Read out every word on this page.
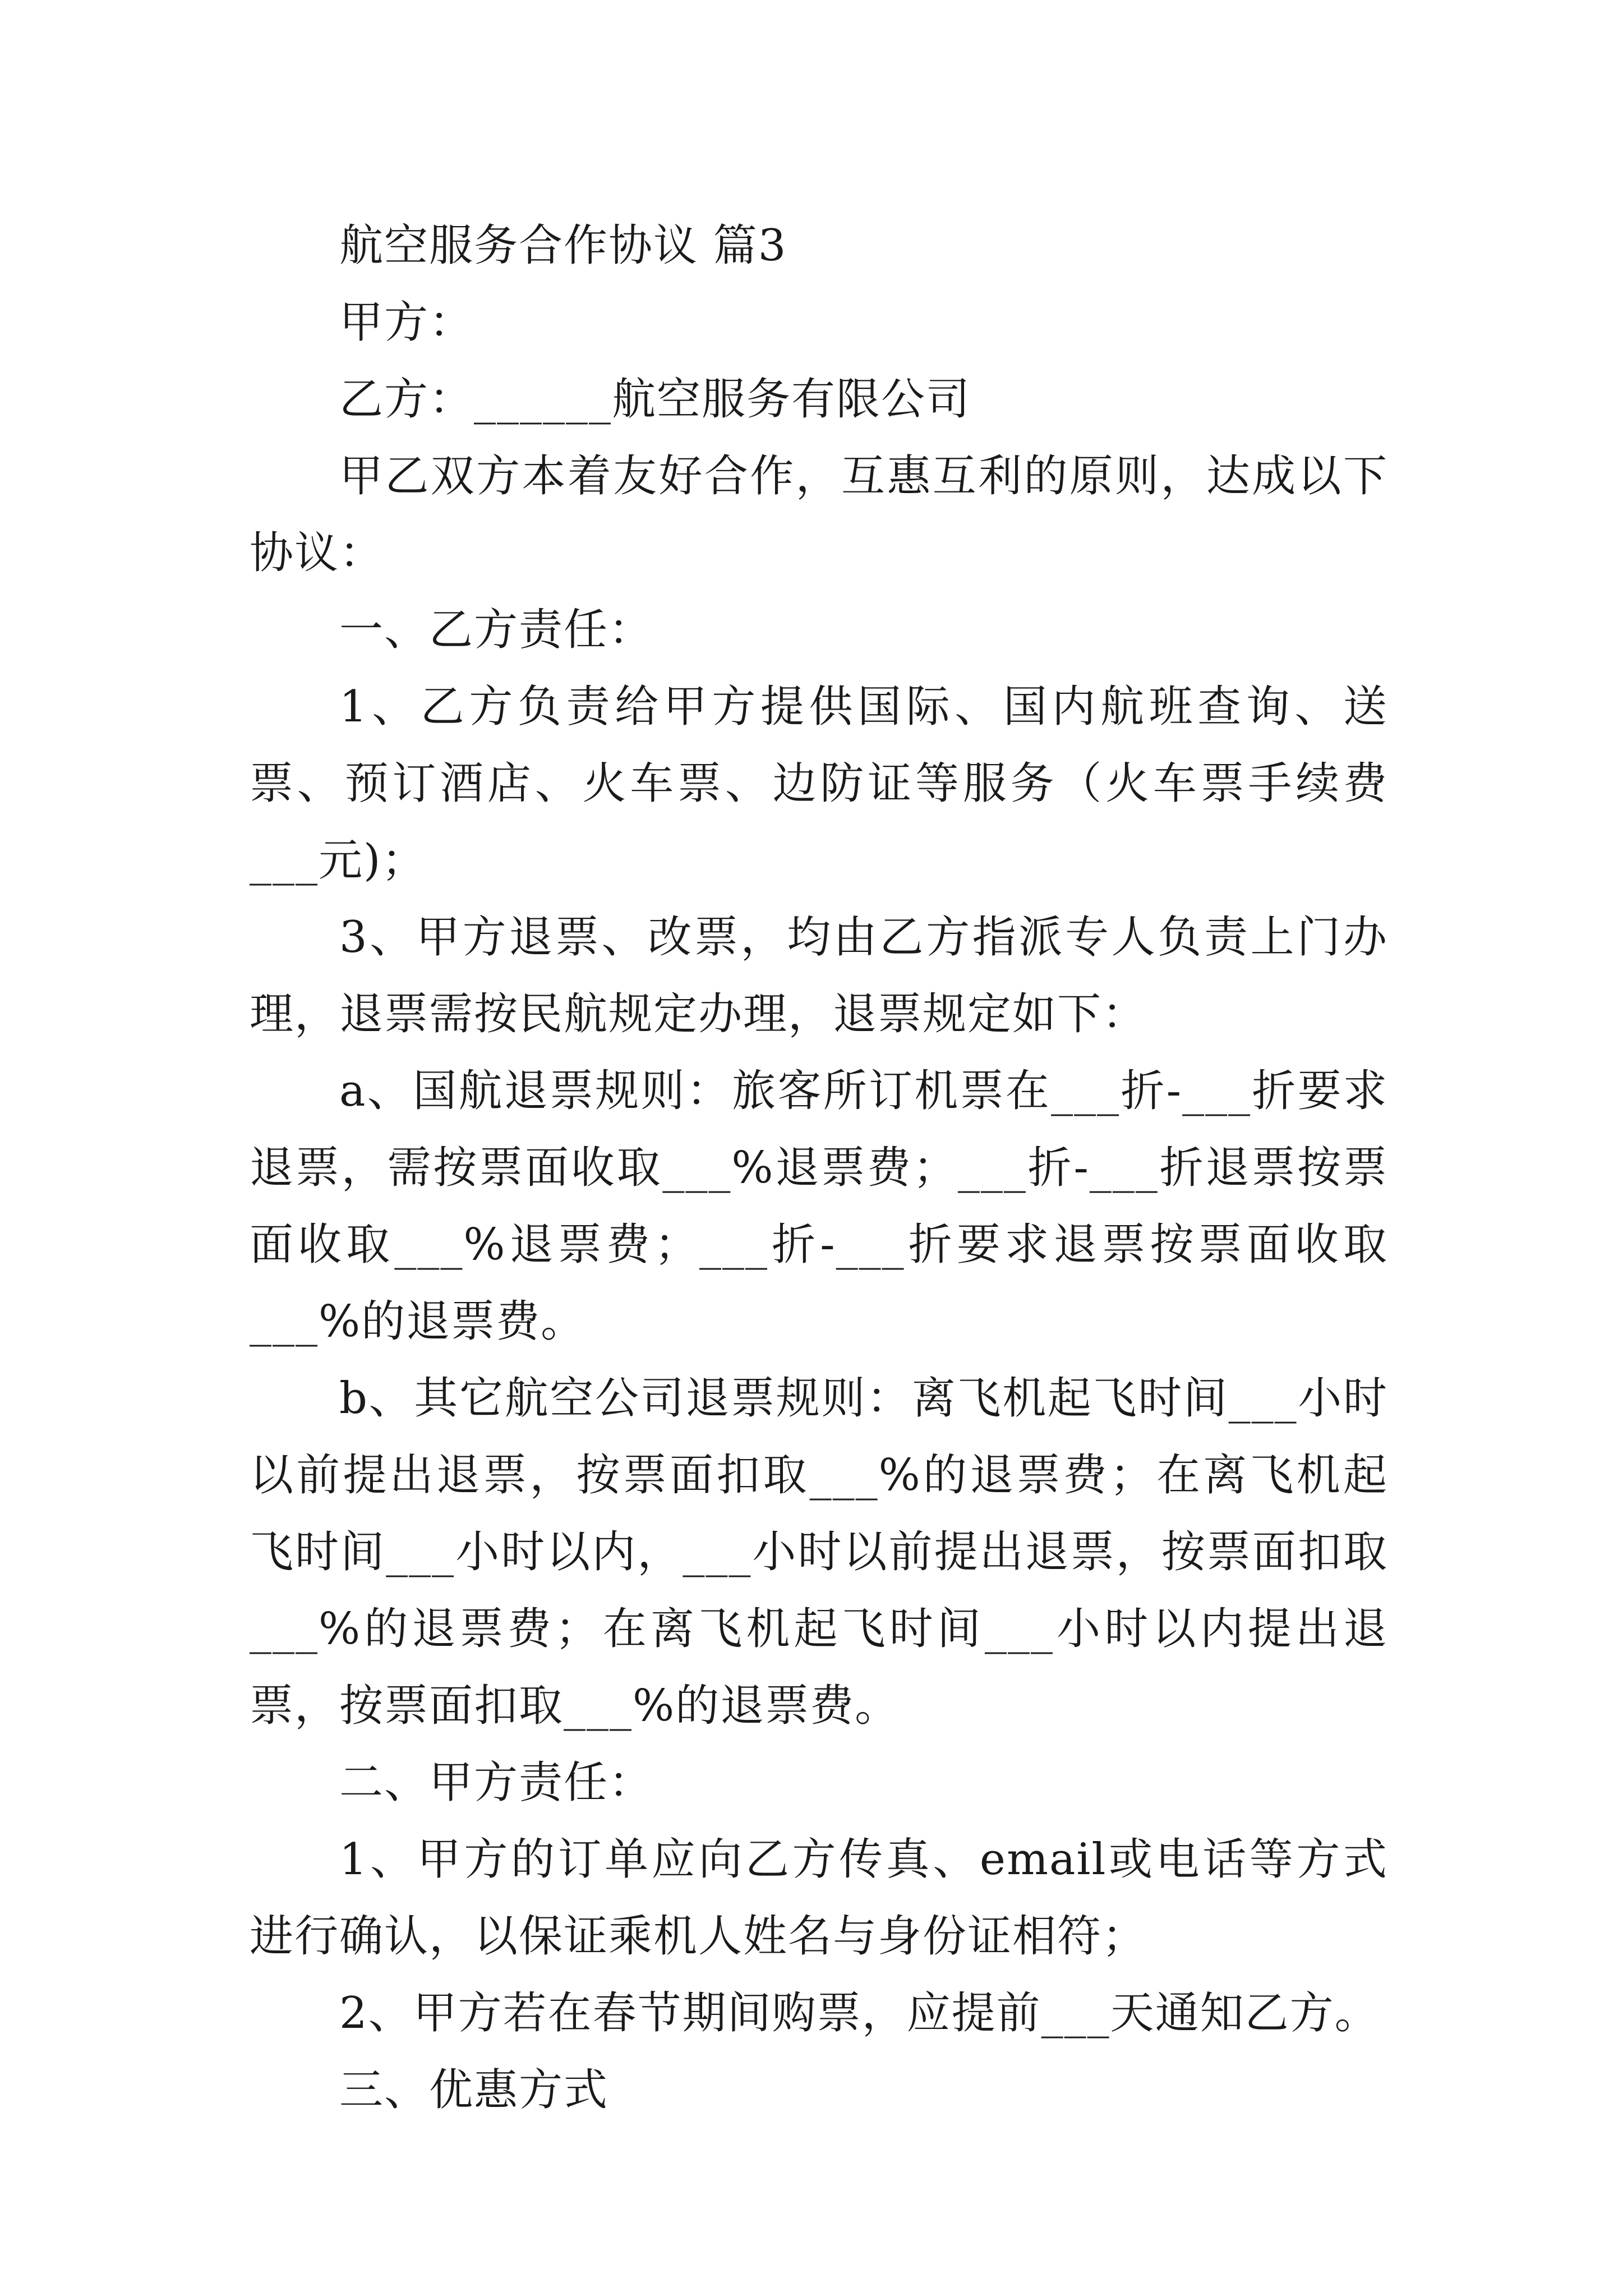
航空服务合作协议 篇3

甲方：

乙方：______航空服务有限公司

甲乙双方本着友好合作，互惠互利的原则，达成以下协议：

一、乙方责任：

1、乙方负责给甲方提供国际、国内航班查询、送票、预订酒店、火车票、边防证等服务（火车票手续费___元)；

3、甲方退票、改票，均由乙方指派专人负责上门办理，退票需按民航规定办理，退票规定如下：

a、国航退票规则：旅客所订机票在___折-___折要求退票，需按票面收取___%退票费；___折-___折退票按票面收取___%退票费；___折-___折要求退票按票面收取___%的退票费。

b、其它航空公司退票规则：离飞机起飞时间___小时以前提出退票，按票面扣取___%的退票费；在离飞机起飞时间___小时以内，___小时以前提出退票，按票面扣取___%的退票费；在离飞机起飞时间___小时以内提出退票，按票面扣取___%的退票费。

二、甲方责任：

1、甲方的订单应向乙方传真、email或电话等方式进行确认，以保证乘机人姓名与身份证相符；

2、甲方若在春节期间购票，应提前___天通知乙方。

三、优惠方式
